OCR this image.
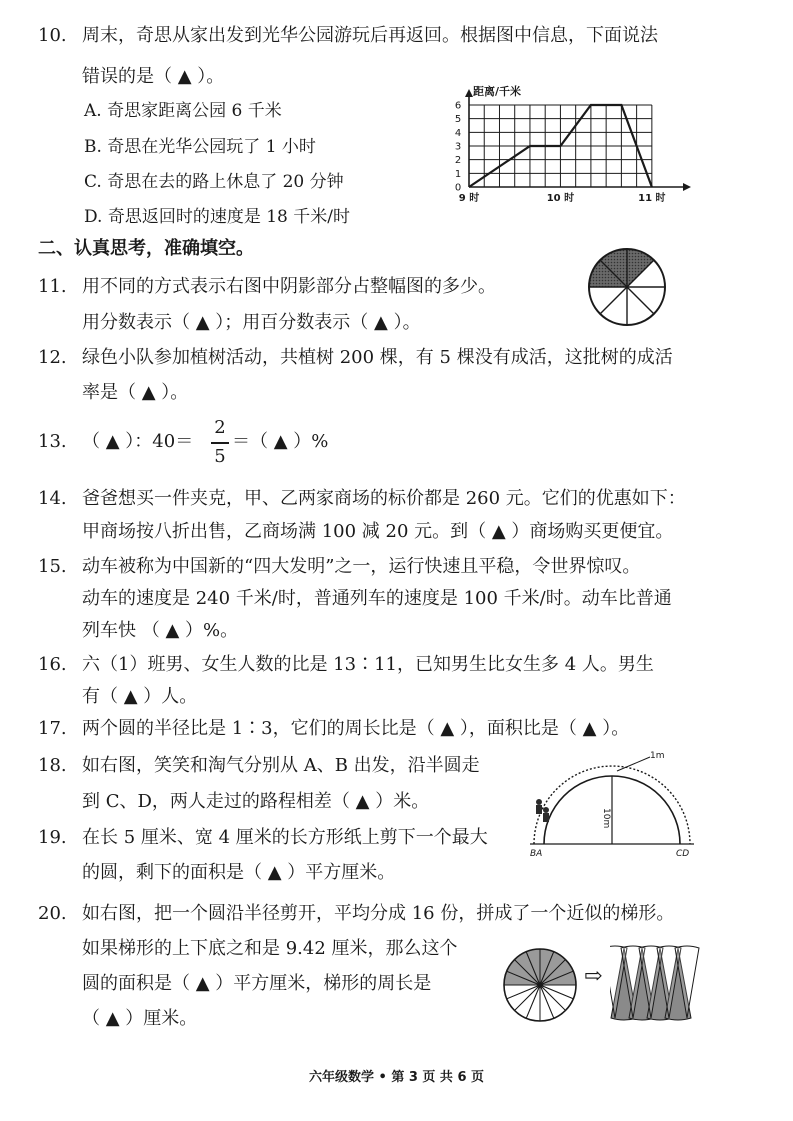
10. 周末，奇思从家出发到光华公园游玩后再返回。根据图中信息，下面说法
错误的是（ ▲ ）。
A. 奇思家距离公园 6 千米
B. 奇思在光华公园玩了 1 小时
C. 奇思在去的路上休息了 20 分钟
D. 奇思返回时的速度是 18 千米/时
0
1
2
3
4
5
6
9 时	10 时	11 时
距离/千米
二、认真思考，准确填空。
11. 用不同的方式表示右图中阴影部分占整幅图的多少。
用分数表示（ ▲ ）；用百分数表示（ ▲ ）。
12. 绿色小队参加植树活动，共植树 200 棵，有 5 棵没有成活，这批树的成活
率是（ ▲ ）。
13. （ ▲ ）：40＝
2
5
＝（ ▲ ）%
14. 爸爸想买一件夹克，甲、乙两家商场的标价都是 260 元。它们的优惠如下：
甲商场按八折出售，乙商场满 100 减 20 元。到（ ▲ ）商场购买更便宜。
15. 动车被称为中国新的“四大发明”之一，运行快速且平稳，令世界惊叹。
动车的速度是 240 千米/时，普通列车的速度是 100 千米/时。动车比普通
列车快 （ ▲ ）%。
16. 六（1）班男、女生人数的比是 13∶11，已知男生比女生多 4 人。男生
有（ ▲ ）人。
17. 两个圆的半径比是 1∶3，它们的周长比是（ ▲ ），面积比是（ ▲ ）。
18. 如右图，笑笑和淘气分别从 A、B 出发，沿半圆走
到 C、D，两人走过的路程相差（ ▲ ）米。
1m
10m
BA	CD
19. 在长 5 厘米、宽 4 厘米的长方形纸上剪下一个最大
的圆，剩下的面积是（ ▲ ）平方厘米。
20. 如右图，把一个圆沿半径剪开，平均分成 16 份，拼成了一个近似的梯形。
如果梯形的上下底之和是 9.42 厘米，那么这个
圆的面积是（ ▲ ）平方厘米，梯形的周长是
（ ▲ ）厘米。
⇨
六年级数学 • 第 3 页 共 6 页
